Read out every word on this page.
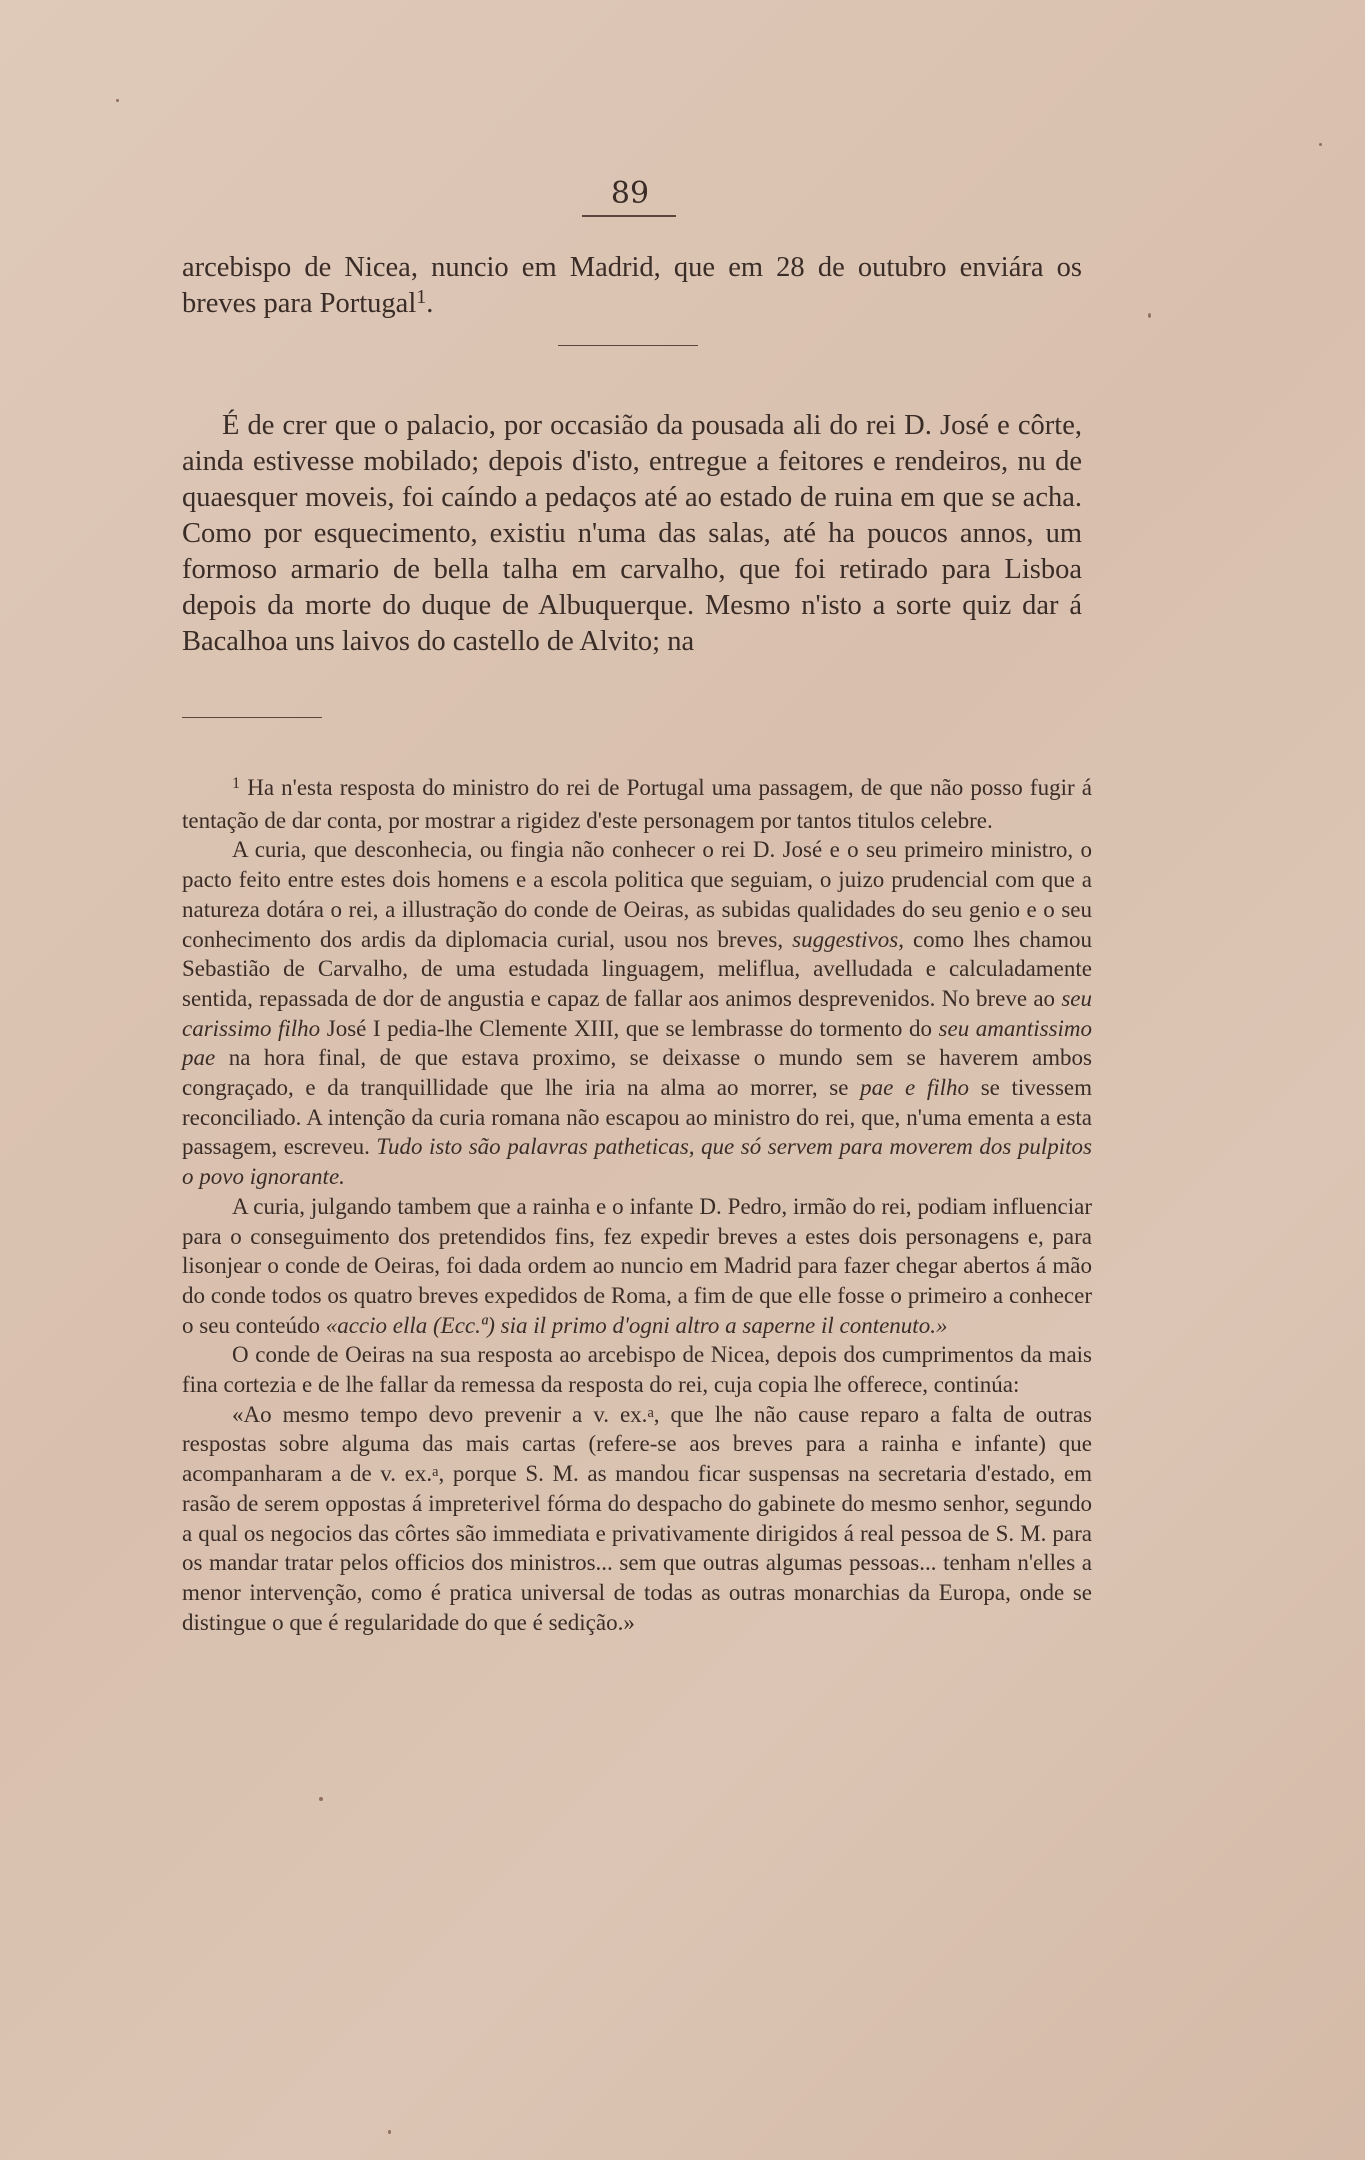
89

arcebispo de Nicea, nuncio em Madrid, que em 28 de outubro enviára os breves para Portugal$^1$.

É de crer que o palacio, por occasião da pousada ali do rei D. José e côrte, ainda estivesse mobilado; depois d'isto, entregue a feitores e rendeiros, nu de quaesquer moveis, foi caíndo a pedaços até ao estado de ruina em que se acha. Como por esquecimento, existiu n'uma das salas, até ha poucos annos, um formoso armario de bella talha em carvalho, que foi retirado para Lisboa depois da morte do duque de Albuquerque. Mesmo n'isto a sorte quiz dar á Bacalhoa uns laivos do castello de Alvito; na

$^1$ Ha n'esta resposta do ministro do rei de Portugal uma passagem, de que não posso fugir á tentação de dar conta, por mostrar a rigidez d'este personagem por tantos titulos celebre.

A curia, que desconhecia, ou fingia não conhecer o rei D. José e o seu primeiro ministro, o pacto feito entre estes dois homens e a escola politica que seguiam, o juizo prudencial com que a natureza dotára o rei, a illustração do conde de Oeiras, as subidas qualidades do seu genio e o seu conhecimento dos ardis da diplomacia curial, usou nos breves, suggestivos, como lhes chamou Sebastião de Carvalho, de uma estudada linguagem, meliflua, avelludada e calculadamente sentida, repassada de dor de angustia e capaz de fallar aos animos desprevenidos. No breve ao seu carissimo filho José I pedia-lhe Clemente XIII, que se lembrasse do tormento do seu amantissimo pae na hora final, de que estava proximo, se deixasse o mundo sem se haverem ambos congraçado, e da tranquillidade que lhe iria na alma ao morrer, se pae e filho se tivessem reconciliado. A intenção da curia romana não escapou ao ministro do rei, que, n'uma ementa a esta passagem, escreveu. Tudo isto são palavras patheticas, que só servem para moverem dos pulpitos o povo ignorante.

A curia, julgando tambem que a rainha e o infante D. Pedro, irmão do rei, podiam influenciar para o conseguimento dos pretendidos fins, fez expedir breves a estes dois personagens e, para lisonjear o conde de Oeiras, foi dada ordem ao nuncio em Madrid para fazer chegar abertos á mão do conde todos os quatro breves expedidos de Roma, a fim de que elle fosse o primeiro a conhecer o seu conteúdo «accio ella (Ecc.ª) sia il primo d'ogni altro a saperne il contenuto.»

O conde de Oeiras na sua resposta ao arcebispo de Nicea, depois dos cumprimentos da mais fina cortezia e de lhe fallar da remessa da resposta do rei, cuja copia lhe offerece, continúa:

«Ao mesmo tempo devo prevenir a v. ex.$^a$, que lhe não cause reparo a falta de outras respostas sobre alguma das mais cartas (refere-se aos breves para a rainha e infante) que acompanharam a de v. ex.$^a$, porque S. M. as mandou ficar suspensas na secretaria d'estado, em rasão de serem oppostas á impreterivel fórma do despacho do gabinete do mesmo senhor, segundo a qual os negocios das côrtes são immediata e privativamente dirigidos á real pessoa de S. M. para os mandar tratar pelos officios dos ministros... sem que outras algumas pessoas... tenham n'elles a menor intervenção, como é pratica universal de todas as outras monarchias da Europa, onde se distingue o que é regularidade do que é sedição.»
